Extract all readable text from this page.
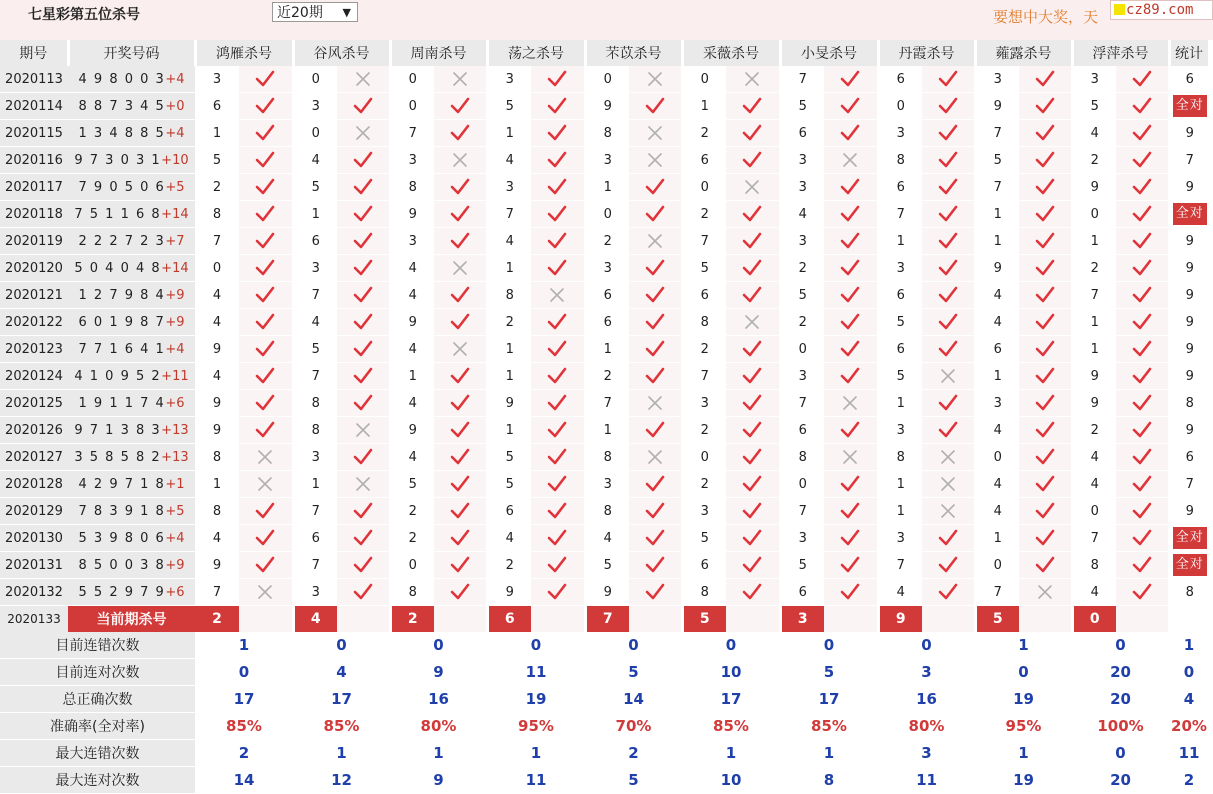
七星彩第五位杀号	近20期 ▼	要想中大奖，天	cz89.com
期号	开奖号码	鸿雁杀号		谷风杀号		周南杀号		荡之杀号		芣苡杀号		采薇杀号		小旻杀号		丹霞杀号		蕹露杀号		浮萍杀号		统计
2020113	4 9 8 0 0 3+4	3		0		0		3		0		0		7		6		3		3		6
2020114	8 8 7 3 4 5+0	6		3		0		5		9		1		5		0		9		5		全对
2020115	1 3 4 8 8 5+4	1		0		7		1		8		2		6		3		7		4		9
2020116	9 7 3 0 3 1+10	5		4		3		4		3		6		3		8		5		2		7
2020117	7 9 0 5 0 6+5	2		5		8		3		1		0		3		6		7		9		9
2020118	7 5 1 1 6 8+14	8		1		9		7		0		2		4		7		1		0		全对
2020119	2 2 2 7 2 3+7	7		6		3		4		2		7		3		1		1		1		9
2020120	5 0 4 0 4 8+14	0		3		4		1		3		5		2		3		9		2		9
2020121	1 2 7 9 8 4+9	4		7		4		8		6		6		5		6		4		7		9
2020122	6 0 1 9 8 7+9	4		4		9		2		6		8		2		5		4		1		9
2020123	7 7 1 6 4 1+4	9		5		4		1		1		2		0		6		6		1		9
2020124	4 1 0 9 5 2+11	4		7		1		1		2		7		3		5		1		9		9
2020125	1 9 1 1 7 4+6	9		8		4		9		7		3		7		1		3		9		8
2020126	9 7 1 3 8 3+13	9		8		9		1		1		2		6		3		4		2		9
2020127	3 5 8 5 8 2+13	8		3		4		5		8		0		8		8		0		4		6
2020128	4 2 9 7 1 8+1	1		1		5		5		3		2		0		1		4		4		7
2020129	7 8 3 9 1 8+5	8		7		2		6		8		3		7		1		4		0		9
2020130	5 3 9 8 0 6+4	4		6		2		4		4		5		3		3		1		7		全对
2020131	8 5 0 0 3 8+9	9		7		0		2		5		6		5		7		0		8		全对
2020132	5 5 2 9 7 9+6	7		3		8		9		9		8		6		4		7		4		8
2020133	当前期杀号	2		4		2		6		7		5		3		9		5		0		
目前连错次数		1		0		0		0		0		0		0		0		1		0		1
目前连对次数		0		4		9		11		5		10		5		3		0		20		0
总正确次数		17		17		16		19		14		17		17		16		19		20		4
准确率(全对率)		85%		85%		80%		95%		70%		85%		85%		80%		95%		100%		20%
最大连错次数		2		1		1		1		2		1		1		3		1		0		11
最大连对次数		14		12		9		11		5		10		8		11		19		20		2
